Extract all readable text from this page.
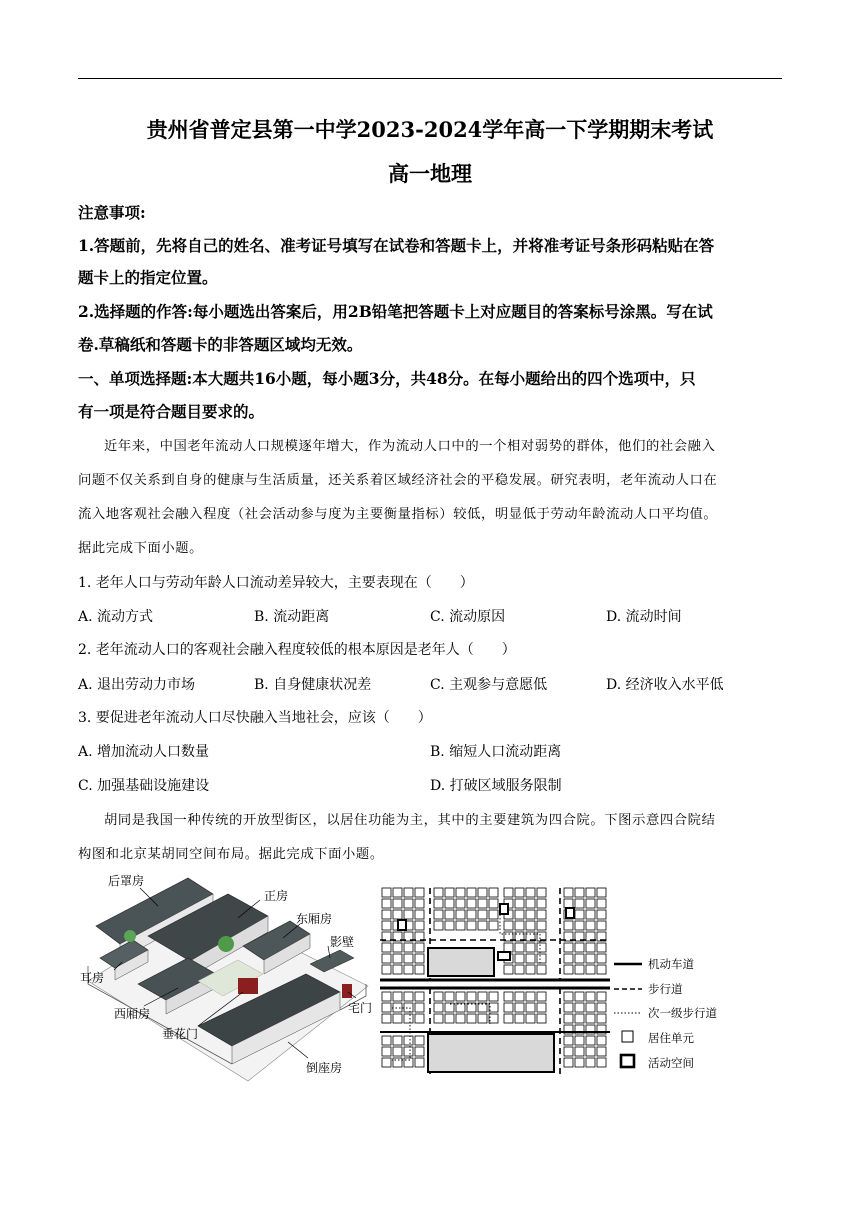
贵州省普定县第一中学2023-2024学年高一下学期期末考试
高一地理
注意事项:
1.答题前，先将自己的姓名、准考证号填写在试卷和答题卡上，并将准考证号条形码粘贴在答
题卡上的指定位置。
2.选择题的作答:每小题选出答案后，用2B铅笔把答题卡上对应题目的答案标号涂黑。写在试
卷.草稿纸和答题卡的非答题区域均无效。
一、单项选择题:本大题共16小题，每小题3分，共48分。在每小题给出的四个选项中，只
有一项是符合题目要求的。
近年来，中国老年流动人口规模逐年增大，作为流动人口中的一个相对弱势的群体，他们的社会融入
问题不仅关系到自身的健康与生活质量，还关系着区域经济社会的平稳发展。研究表明，老年流动人口在
流入地客观社会融入程度（社会活动参与度为主要衡量指标）较低，明显低于劳动年龄流动人口平均值。
据此完成下面小题。
1. 老年人口与劳动年龄人口流动差异较大，主要表现在（　　）
A. 流动方式	B. 流动距离	C. 流动原因	D. 流动时间
2. 老年流动人口的客观社会融入程度较低的根本原因是老年人（　　）
A. 退出劳动力市场	B. 自身健康状况差	C. 主观参与意愿低	D. 经济收入水平低
3. 要促进老年流动人口尽快融入当地社会，应该（　　）
A. 增加流动人口数量	B. 缩短人口流动距离
C. 加强基础设施建设	D. 打破区域服务限制
胡同是我国一种传统的开放型街区，以居住功能为主，其中的主要建筑为四合院。下图示意四合院结
构图和北京某胡同空间布局。据此完成下面小题。
后罩房
正房
东厢房
影壁
耳房
西厢房	宅门
垂花门
倒座房
机动车道
步行道
次一级步行道
居住单元
活动空间
